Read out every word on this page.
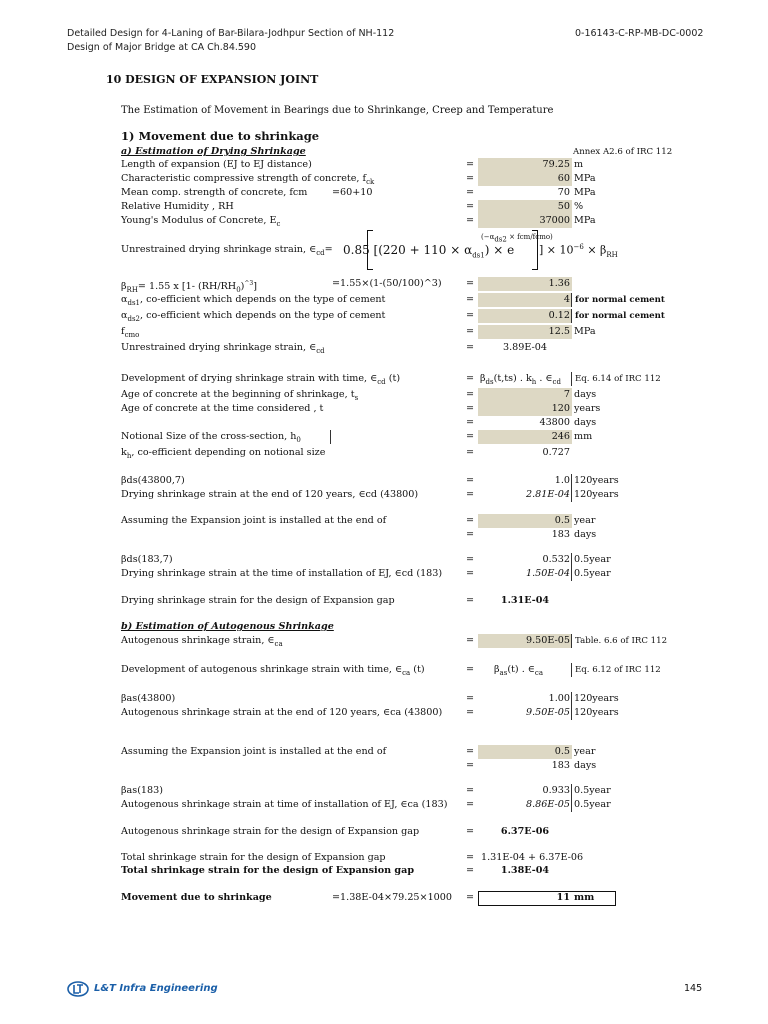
Detailed Design for 4-Laning of Bar-Bilara-Jodhpur Section of NH-112	0-16143-C-RP-MB-DC-0002
Design of Major Bridge at CA Ch.84.590
10 DESIGN OF EXPANSION JOINT
The Estimation of Movement in Bearings due to Shrinkange, Creep and Temperature
1) Movement due to shrinkage
a) Estimation of Drying Shrinkage	Annex A2.6 of IRC 112
Length of expansion (EJ to EJ distance)	=	79.25 m
Characteristic compressive strength of concrete, $f_{ck}$	=	60 MPa
Mean comp. strength of concrete, fcm	=60+10	=	70 MPa
Relative Humidity , RH	=	50 %
Young's Modulus of Concrete, $E_c$	=	37000 MPa
Unrestrained drying shrinkage strain, $\in_{cd}= 0.85$ [$(220 + 110 \times \alpha_{ds1}) \times e$
($-\alpha_{ds2}$ × fcm/fcmo)
] × $10^{-6} \times \beta_{RH}$
$\beta_{RH}= 1.55$ x [1- $(RH/RH_0)^{\^{}3}$]	=1.55×(1-(50/100)^3)	=	1.36
$\alpha_{ds1}$, co-efficient which depends on the type of cement	=	4 for normal cement
$\alpha_{ds2}$, co-efficient which depends on the type of cement	=	0.12 for normal cement
$f_{cmo}$	=	12.5 MPa
Unrestrained drying shrinkage strain, $\in_{cd}$	=	3.89E-04
Development of drying shrinkage strain with time, $\in_{cd}$ (t)	= $\beta_{ds}(t,ts)$ . $k_h$ . $\in_{cd}$ Eq. 6.14 of IRC 112
Age of concrete at the beginning of shrinkage, $t_s$	=	7 days
Age of concrete at the time considered , t	=	120 years
=	43800 days
Notional Size of the cross-section, $h_0$	=	246 mm
$k_h$, co-efficient depending on notional size	=	0.727
βds(43800,7)	=	1.0 120years
Drying shrinkage strain at the end of 120 years, ∈cd (43800)	=	2.81E-04 120years
Assuming the Expansion joint is installed at the end of	=	0.5 year
=	183 days
βds(183,7)	=	0.532 0.5year
Drying shrinkage strain at the time of installation of EJ, ∈cd (183) =	1.50E-04 0.5year
Drying shrinkage strain for the design of Expansion gap	=	1.31E-04
b) Estimation of Autogenous Shrinkage
Autogenous shrinkage strain, $\in_{ca}$	=	9.50E-05 Table. 6.6 of IRC 112
Development of autogenous shrinkage strain with time, $\in_{ca}$ (t)	= $\beta_{as}(t)$ . $\in_{ca}$	Eq. 6.12 of IRC 112
βas(43800)	=	1.00 120years
Autogenous shrinkage strain at the end of 120 years, ∈ca (43800) =	9.50E-05 120years
Assuming the Expansion joint is installed at the end of	=	0.5 year
=	183 days
βas(183)	=	0.933 0.5year
Autogenous shrinkage strain at time of installation of EJ, ∈ca (183) =	8.86E-05 0.5year
Autogenous shrinkage strain for the design of Expansion gap	=	6.37E-06
Total shrinkage strain for the design of Expansion gap	= 1.31E-04 + 6.37E-06
Total shrinkage strain for the design of Expansion gap	=	1.38E-04
Movement due to shrinkage	=1.38E-04×79.25×1000 =	11 mm
L&T Infra Engineering	145
